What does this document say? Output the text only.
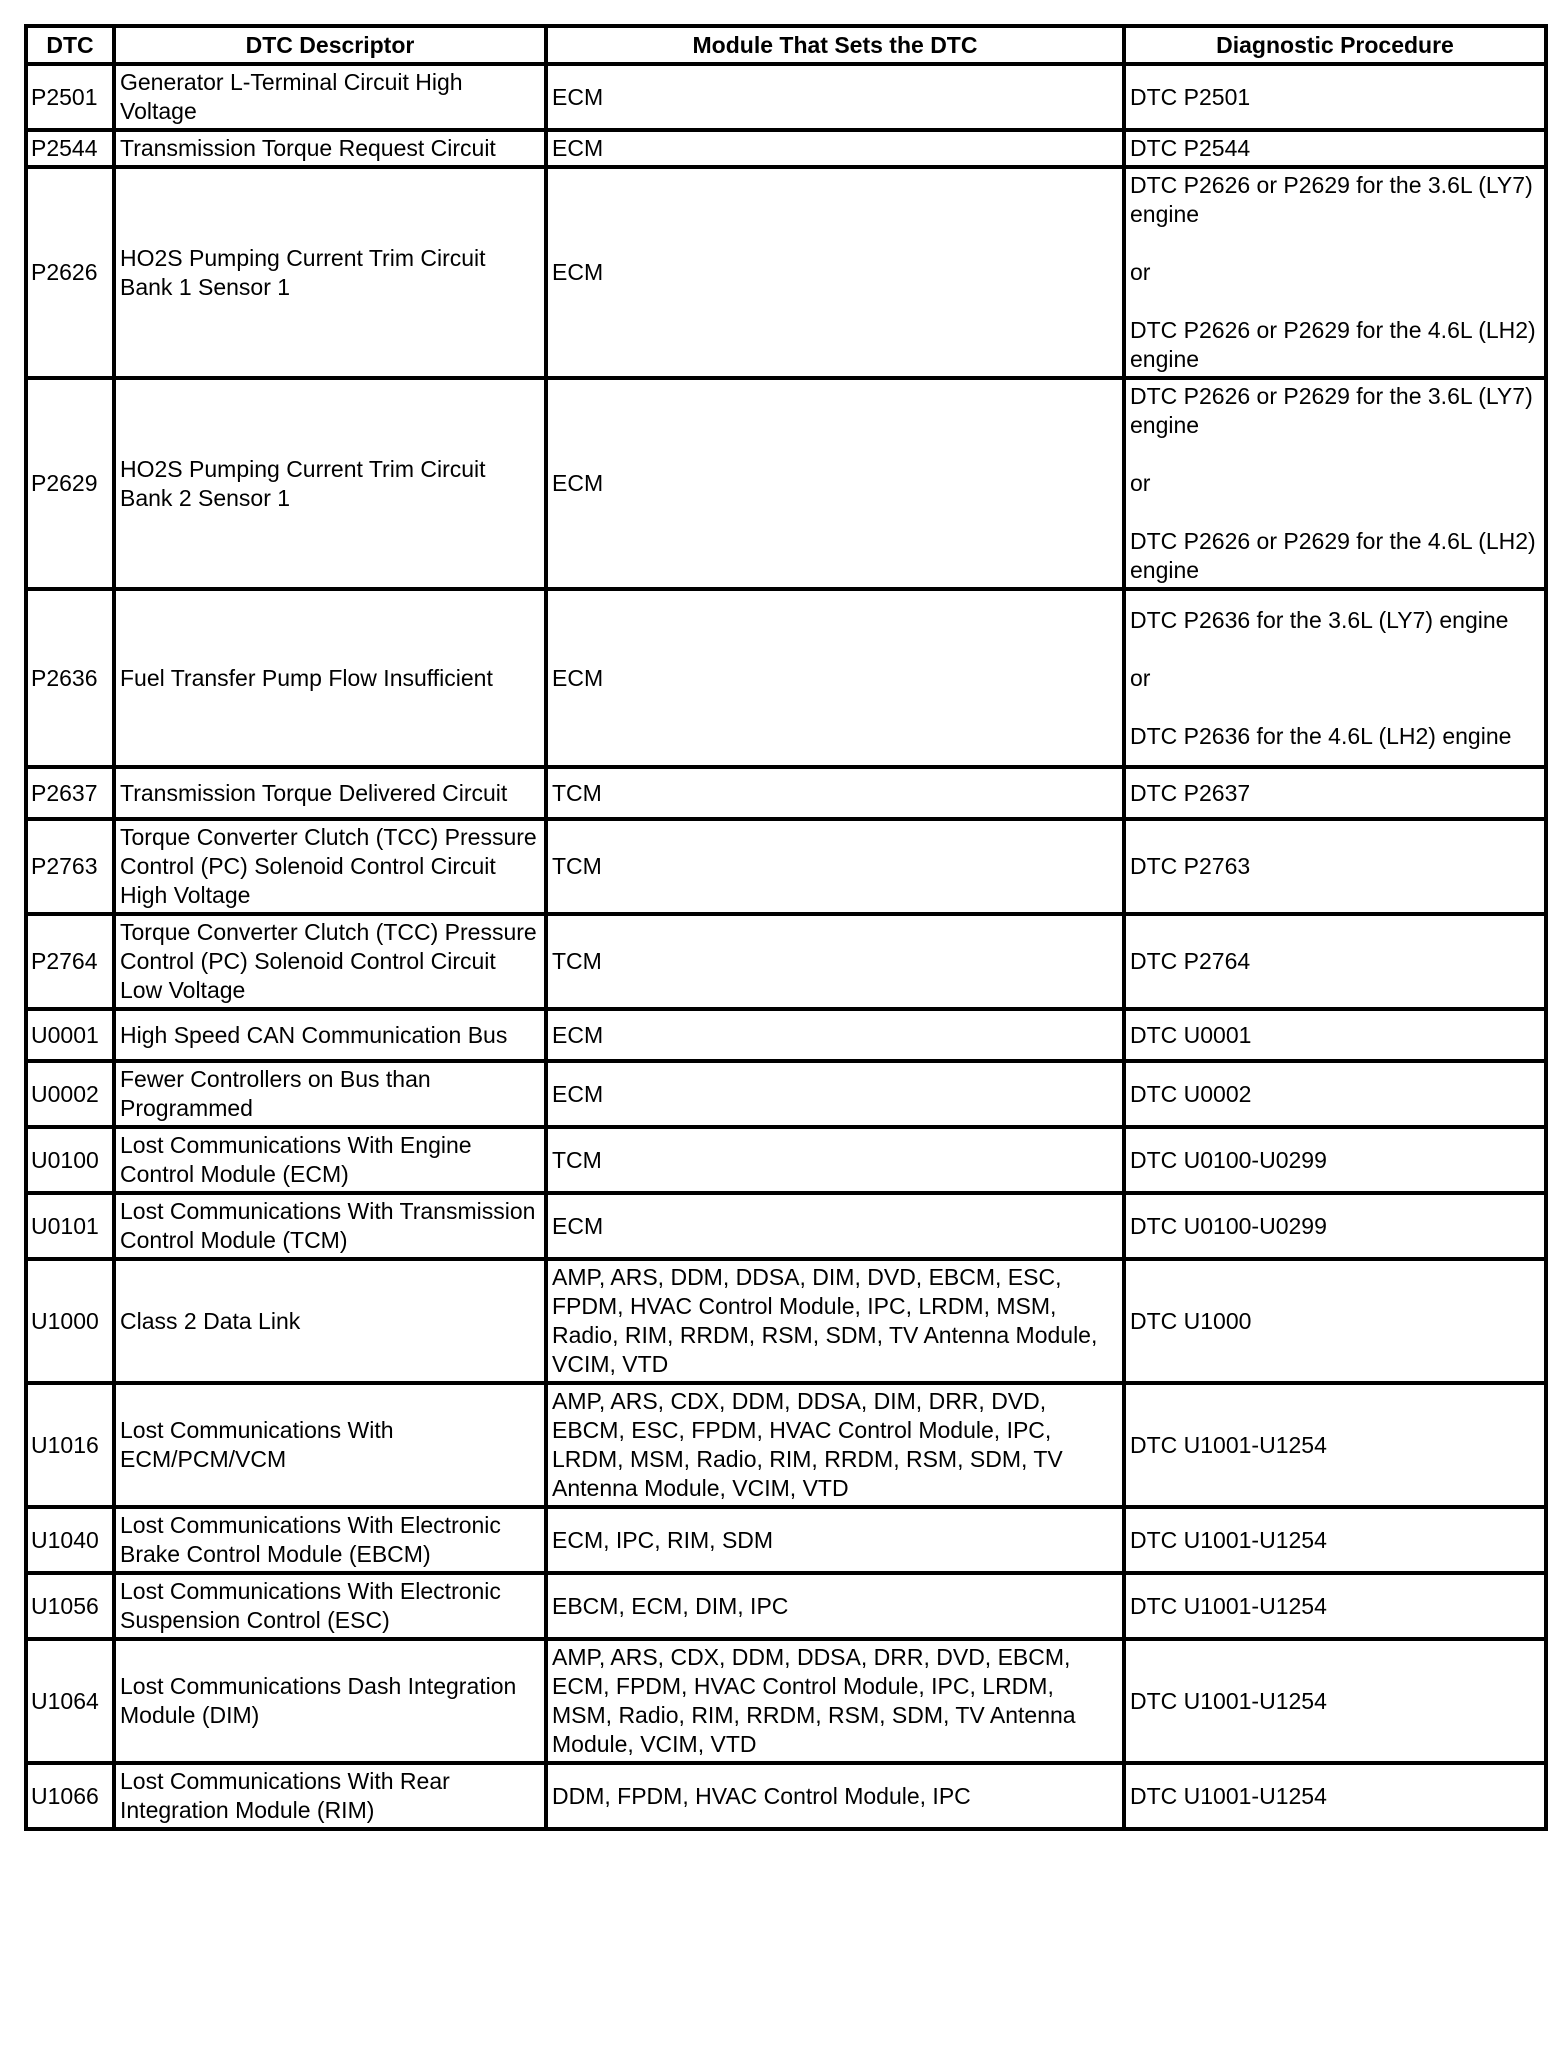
DTC	DTC Descriptor	Module That Sets the DTC	Diagnostic Procedure
P2501	Generator L-Terminal Circuit High Voltage	ECM	DTC P2501

P2544	Transmission Torque Request Circuit	ECM	DTC P2544

P2626	HO2S Pumping Current Trim Circuit Bank 1 Sensor 1	ECM	DTC P2626 or P2629 for the 3.6L (LY7) engine
or
DTC P2626 or P2629 for the 4.6L (LH2) engine

P2629	HO2S Pumping Current Trim Circuit Bank 2 Sensor 1	ECM	DTC P2626 or P2629 for the 3.6L (LY7) engine
or
DTC P2626 or P2629 for the 4.6L (LH2) engine

P2636	Fuel Transfer Pump Flow Insufficient	ECM	DTC P2636 for the 3.6L (LY7) engine
or
DTC P2636 for the 4.6L (LH2) engine

P2637	Transmission Torque Delivered Circuit	TCM	DTC P2637

P2763	Torque Converter Clutch (TCC) Pressure Control (PC) Solenoid Control Circuit High Voltage	TCM	DTC P2763

P2764	Torque Converter Clutch (TCC) Pressure Control (PC) Solenoid Control Circuit Low Voltage	TCM	DTC P2764

U0001	High Speed CAN Communication Bus	ECM	DTC U0001

U0002	Fewer Controllers on Bus than Programmed	ECM	DTC U0002

U0100	Lost Communications With Engine Control Module (ECM)	TCM	DTC U0100-U0299

U0101	Lost Communications With Transmission Control Module (TCM)	ECM	DTC U0100-U0299

U1000	Class 2 Data Link	AMP, ARS, DDM, DDSA, DIM, DVD, EBCM, ESC, FPDM, HVAC Control Module, IPC, LRDM, MSM, Radio, RIM, RRDM, RSM, SDM, TV Antenna Module, VCIM, VTD	DTC U1000

U1016	Lost Communications With ECM/PCM/VCM	AMP, ARS, CDX, DDM, DDSA, DIM, DRR, DVD, EBCM, ESC, FPDM, HVAC Control Module, IPC, LRDM, MSM, Radio, RIM, RRDM, RSM, SDM, TV Antenna Module, VCIM, VTD	DTC U1001-U1254

U1040	Lost Communications With Electronic Brake Control Module (EBCM)	ECM, IPC, RIM, SDM	DTC U1001-U1254

U1056	Lost Communications With Electronic Suspension Control (ESC)	EBCM, ECM, DIM, IPC	DTC U1001-U1254

U1064	Lost Communications Dash Integration Module (DIM)	AMP, ARS, CDX, DDM, DDSA, DRR, DVD, EBCM, ECM, FPDM, HVAC Control Module, IPC, LRDM, MSM, Radio, RIM, RRDM, RSM, SDM, TV Antenna Module, VCIM, VTD	DTC U1001-U1254

U1066	Lost Communications With Rear Integration Module (RIM)	DDM, FPDM, HVAC Control Module, IPC	DTC U1001-U1254
